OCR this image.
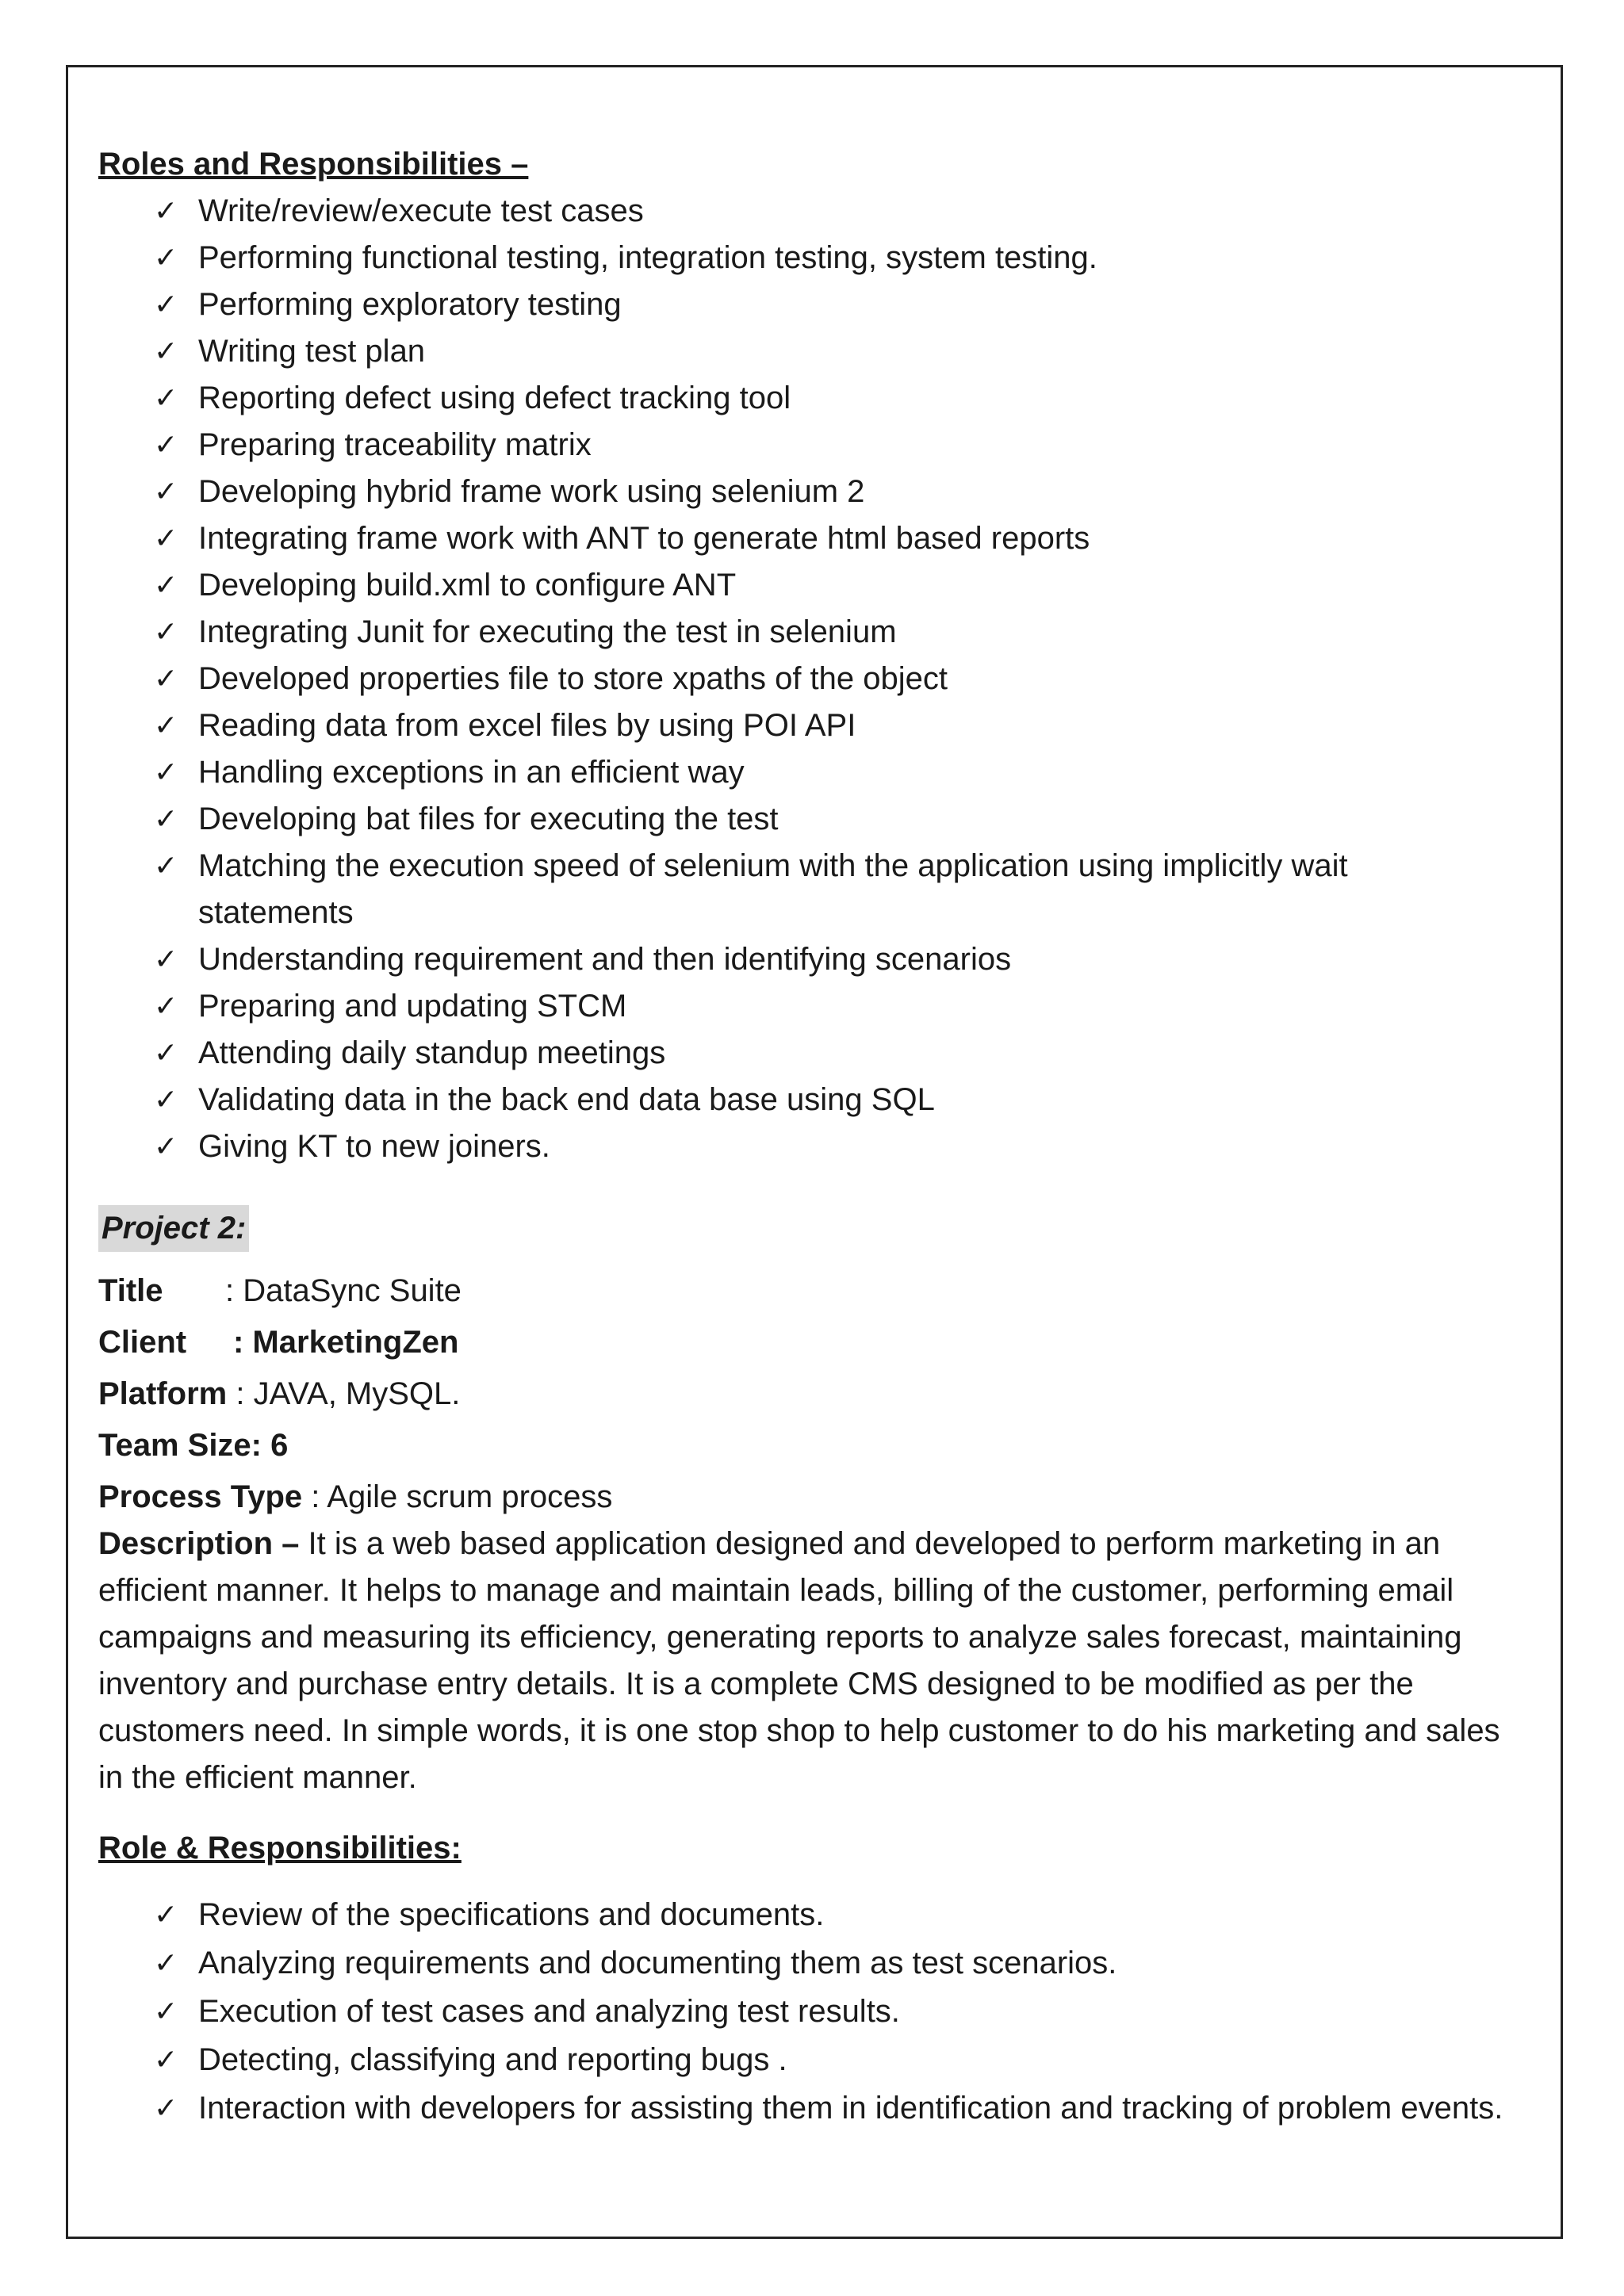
Roles and Responsibilities –

✓ Write/review/execute test cases
✓ Performing functional testing, integration testing, system testing.
✓ Performing exploratory testing
✓ Writing test plan
✓ Reporting defect using defect tracking tool
✓ Preparing traceability matrix
✓ Developing hybrid frame work using selenium 2
✓ Integrating frame work with ANT to generate html based reports
✓ Developing build.xml to configure ANT
✓ Integrating Junit for executing the test in selenium
✓ Developed properties file to store xpaths of the object
✓ Reading data from excel files by using POI API
✓ Handling exceptions in an efficient way
✓ Developing bat files for executing the test
✓ Matching the execution speed of selenium with the application using implicitly wait statements
✓ Understanding requirement and then identifying scenarios
✓ Preparing and updating STCM
✓ Attending daily standup meetings
✓ Validating data in the back end data base using SQL
✓ Giving KT to new joiners.
Project 2:
Title : DataSync Suite
Client : MarketingZen
Platform : JAVA, MySQL.
Team Size: 6
Process Type : Agile scrum process
Description – It is a web based application designed and developed to perform marketing in an efficient manner. It helps to manage and maintain leads, billing of the customer, performing email campaigns and measuring its efficiency, generating reports to analyze sales forecast, maintaining inventory and purchase entry details. It is a complete CMS designed to be modified as per the customers need. In simple words, it is one stop shop to help customer to do his marketing and sales in the efficient manner.

Role & Responsibilities:

✓ Review of the specifications and documents.
✓ Analyzing requirements and documenting them as test scenarios.
✓ Execution of test cases and analyzing test results.
✓ Detecting, classifying and reporting bugs .
✓ Interaction with developers for assisting them in identification and tracking of problem events.
